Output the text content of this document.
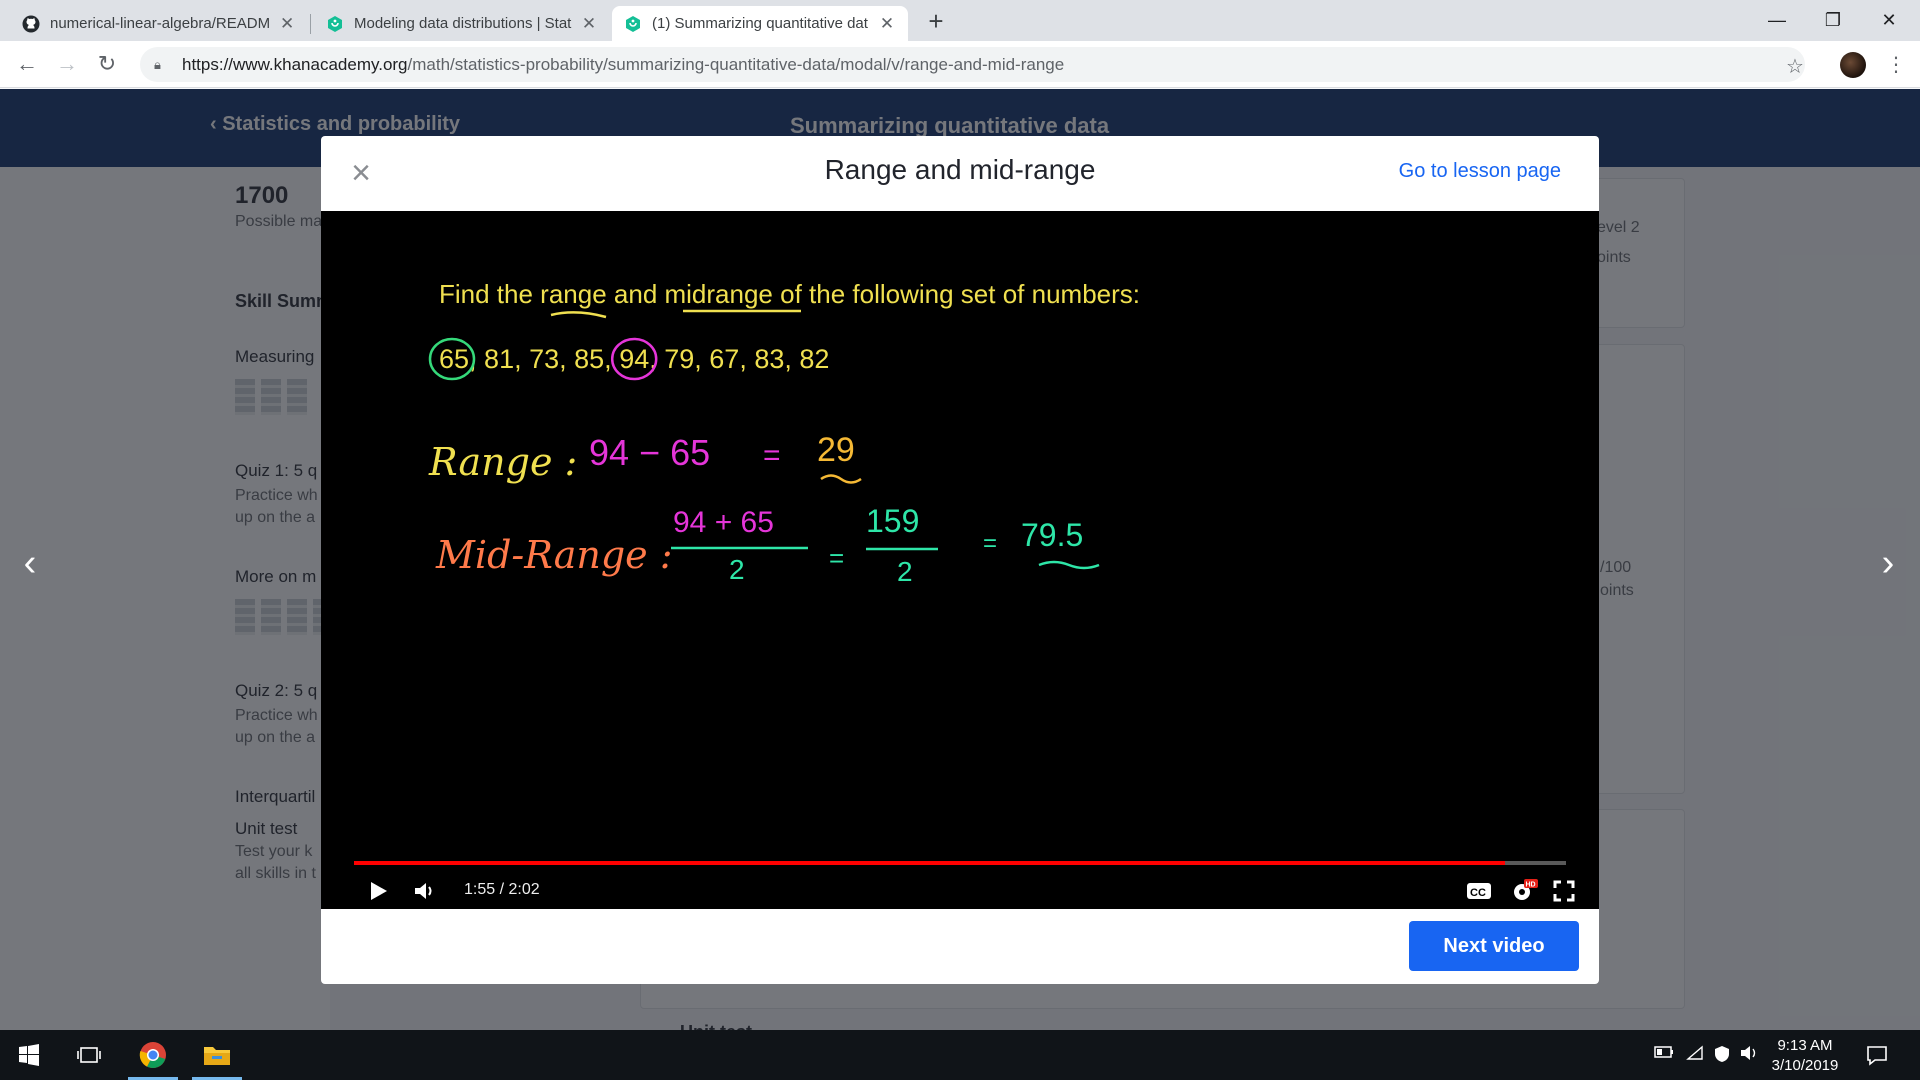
numerical-linear-algebra/READM ✕	Modeling data distributions | Stat ✕	(1) Summarizing quantitative dat ✕ +	—	❐	✕
← → ↻	🔒︎	https://www.khanacademy.org /math/statistics-probability/summarizing-quantitative-data/modal/v/range-and-mid-range	☆	⋮
‹	›
×	Range and mid-range	Go to lesson page
Find the range and midrange of the following set of numbers:
65, 81, 73, 85, 94, 79, 67, 83, 82
Range : 94 − 65 = 29
Mid-Range :
94 + 65
2	=
159
2
= 79.5
1:55 / 2:02	CC
HD
Next video
9:13 AM
3/10/2019
